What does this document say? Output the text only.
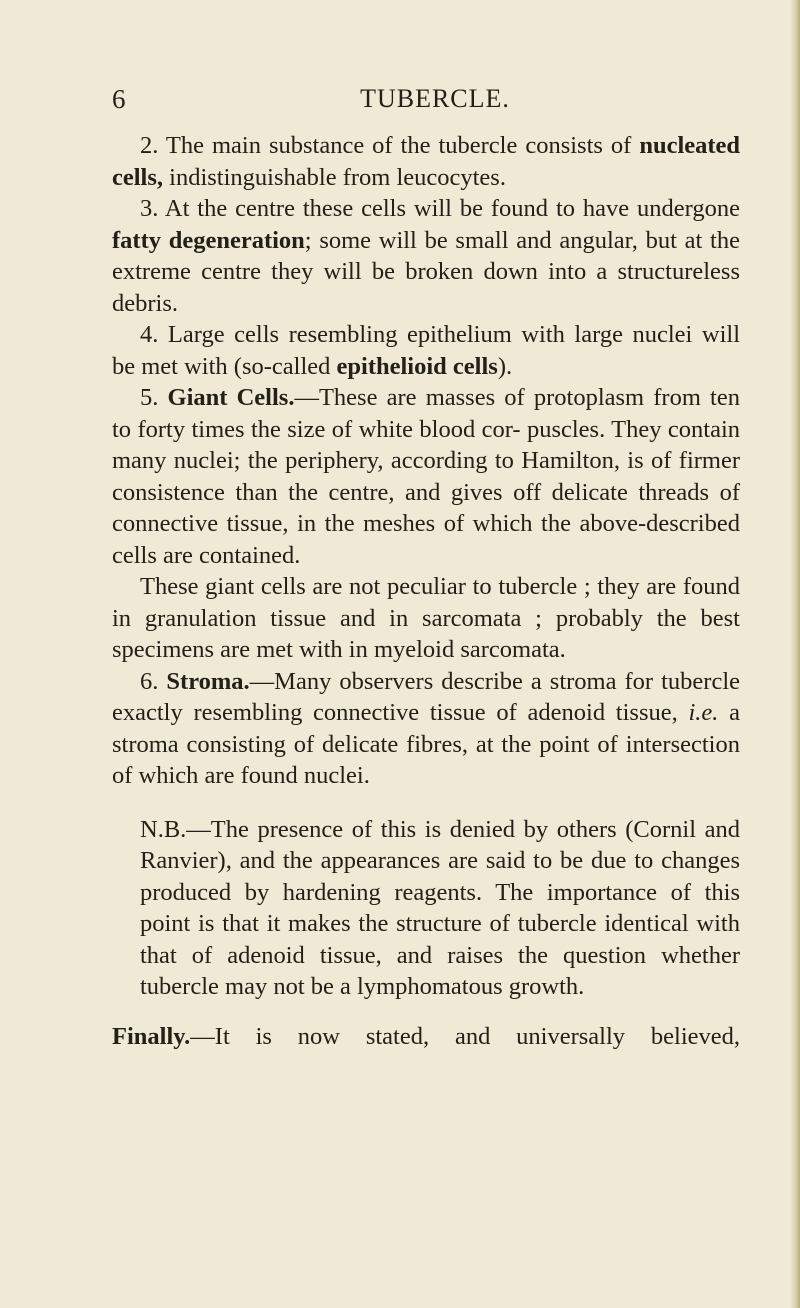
6	TUBERCLE.

2. The main substance of the tubercle consists of nucleated cells, indistinguishable from leucocytes.

3. At the centre these cells will be found to have undergone fatty degeneration; some will be small and angular, but at the extreme centre they will be broken down into a structureless debris.

4. Large cells resembling epithelium with large nuclei will be met with (so-called epithelioid cells).

5. Giant Cells.—These are masses of protoplasm from ten to forty times the size of white blood cor- puscles. They contain many nuclei; the periphery, according to Hamilton, is of firmer consistence than the centre, and gives off delicate threads of connective tissue, in the meshes of which the above-described cells are contained.

These giant cells are not peculiar to tubercle ; they are found in granulation tissue and in sarcomata ; probably the best specimens are met with in myeloid sarcomata.

6. Stroma.—Many observers describe a stroma for tubercle exactly resembling connective tissue of adenoid tissue, i.e. a stroma consisting of delicate fibres, at the point of intersection of which are found nuclei.

N.B.—The presence of this is denied by others (Cornil and Ranvier), and the appearances are said to be due to changes produced by hardening reagents. The importance of this point is that it makes the structure of tubercle identical with that of adenoid tissue, and raises the question whether tubercle may not be a lymphomatous growth.

Finally.—It is now stated, and universally believed,
